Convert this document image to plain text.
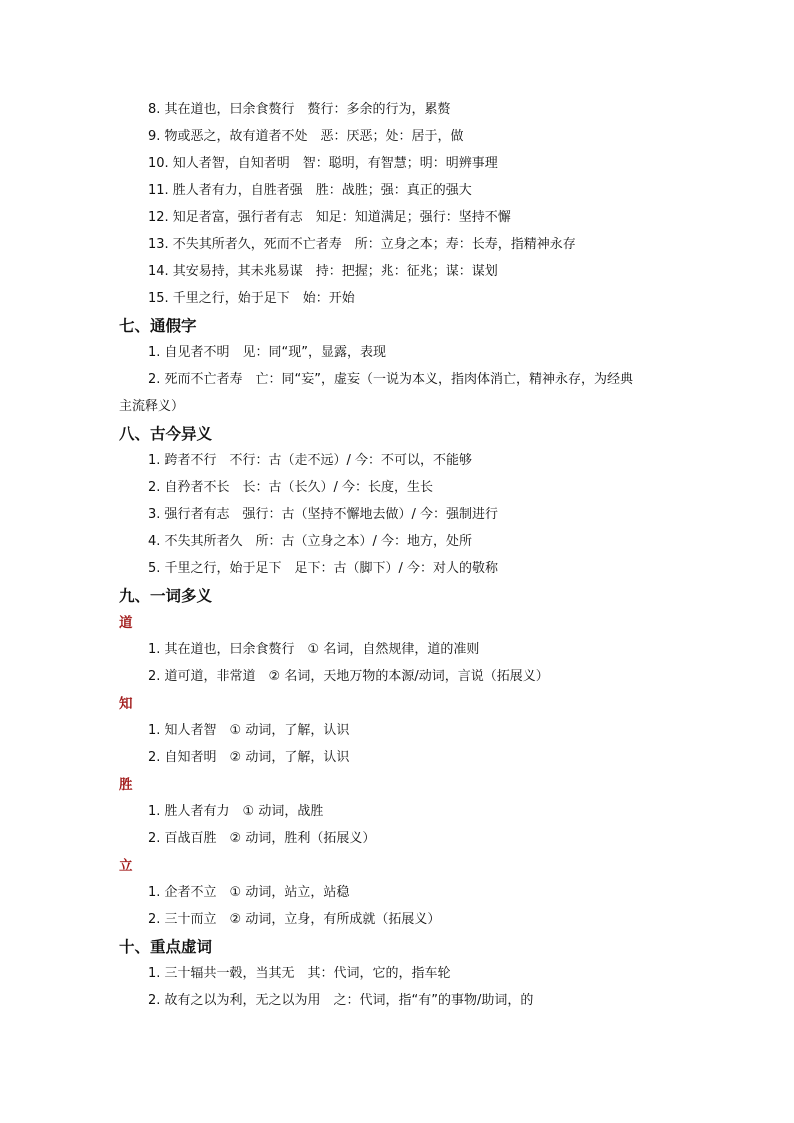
8. 其在道也，曰余食赘行　赘行：多余的行为，累赘
9. 物或恶之，故有道者不处　恶：厌恶；处：居于，做
10. 知人者智，自知者明　智：聪明，有智慧；明：明辨事理
11. 胜人者有力，自胜者强　胜：战胜；强：真正的强大
12. 知足者富，强行者有志　知足：知道满足；强行：坚持不懈
13. 不失其所者久，死而不亡者寿　所：立身之本；寿：长寿，指精神永存
14. 其安易持，其未兆易谋　持：把握；兆：征兆；谋：谋划
15. 千里之行，始于足下　始：开始
七、通假字
1. 自见者不明　见：同“现”，显露，表现
2. 死而不亡者寿　亡：同“妄”，虚妄（一说为本义，指肉体消亡，精神永存，为经典
主流释义）
八、古今异义
1. 跨者不行　不行：古（走不远）/ 今：不可以，不能够
2. 自矜者不长　长：古（长久）/ 今：长度，生长
3. 强行者有志　强行：古（坚持不懈地去做）/ 今：强制进行
4. 不失其所者久　所：古（立身之本）/ 今：地方，处所
5. 千里之行，始于足下　足下：古（脚下）/ 今：对人的敬称
九、一词多义
道
1. 其在道也，曰余食赘行　① 名词，自然规律，道的准则
2. 道可道，非常道　② 名词，天地万物的本源/动词，言说（拓展义）
知
1. 知人者智　① 动词，了解，认识
2. 自知者明　② 动词，了解，认识
胜
1. 胜人者有力　① 动词，战胜
2. 百战百胜　② 动词，胜利（拓展义）
立
1. 企者不立　① 动词，站立，站稳
2. 三十而立　② 动词，立身，有所成就（拓展义）
十、重点虚词
1. 三十辐共一毂，当其无　其：代词，它的，指车轮
2. 故有之以为利，无之以为用　之：代词，指“有”的事物/助词，的
